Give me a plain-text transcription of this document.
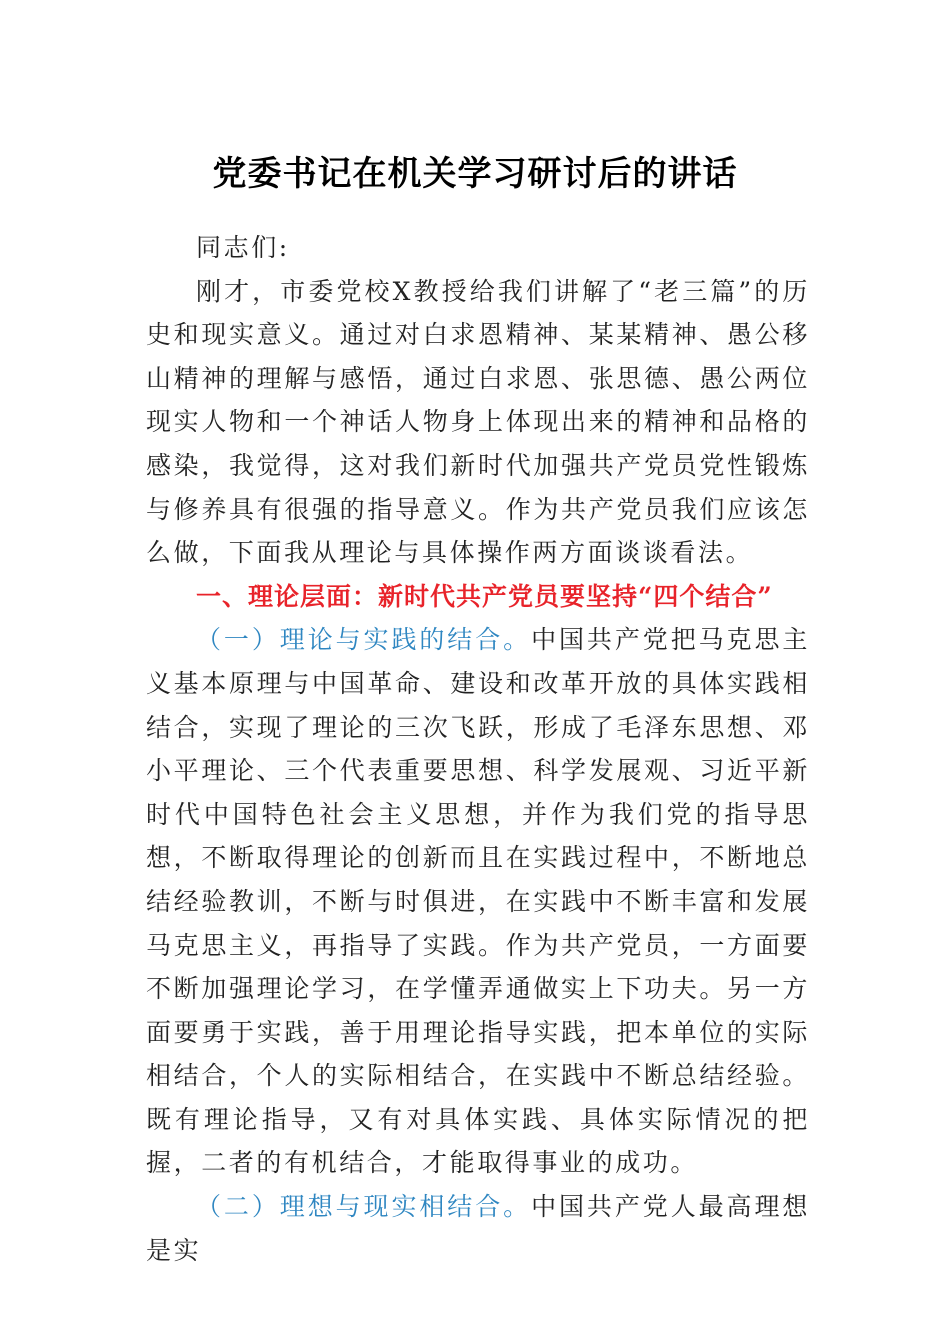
党委书记在机关学习研讨后的讲话

同志们:

刚才，市委党校X教授给我们讲解了“老三篇”的历史和现实意义。通过对白求恩精神、某某精神、愚公移山精神的理解与感悟，通过白求恩、张思德、愚公两位现实人物和一个神话人物身上体现出来的精神和品格的感染，我觉得，这对我们新时代加强共产党员党性锻炼与修养具有很强的指导意义。作为共产党员我们应该怎么做，下面我从理论与具体操作两方面谈谈看法。

一、理论层面：新时代共产党员要坚持“四个结合”

（一）理论与实践的结合。中国共产党把马克思主义基本原理与中国革命、建设和改革开放的具体实践相结合，实现了理论的三次飞跃，形成了毛泽东思想、邓小平理论、三个代表重要思想、科学发展观、习近平新时代中国特色社会主义思想，并作为我们党的指导思想，不断取得理论的创新而且在实践过程中，不断地总结经验教训，不断与时俱进，在实践中不断丰富和发展马克思主义，再指导了实践。作为共产党员，一方面要不断加强理论学习，在学懂弄通做实上下功夫。另一方面要勇于实践，善于用理论指导实践，把本单位的实际相结合，个人的实际相结合，在实践中不断总结经验。既有理论指导，又有对具体实践、具体实际情况的把握，二者的有机结合，才能取得事业的成功。

（二）理想与现实相结合。中国共产党人最高理想是实
